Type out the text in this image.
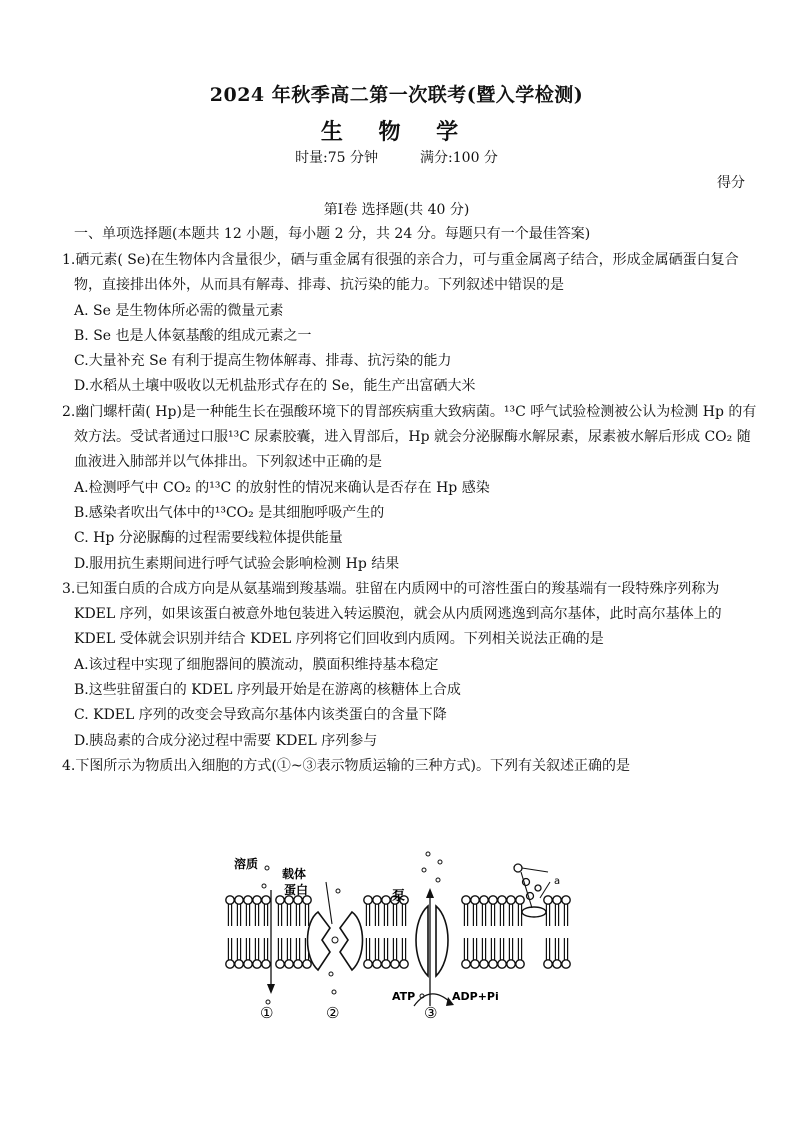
2024 年秋季高二第一次联考(暨入学检测)
生 物 学
时量:75 分钟	满分:100 分
得分
第Ⅰ卷 选择题(共 40 分)
一、单项选择题(本题共 12 小题，每小题 2 分，共 24 分。每题只有一个最佳答案)
1.硒元素( Se)在生物体内含量很少，硒与重金属有很强的亲合力，可与重金属离子结合，形成金属硒蛋白复合物，直接排出体外，从而具有解毒、排毒、抗污染的能力。下列叙述中错误的是
A. Se 是生物体所必需的微量元素
B. Se 也是人体氨基酸的组成元素之一
C.大量补充 Se 有利于提高生物体解毒、排毒、抗污染的能力
D.水稻从土壤中吸收以无机盐形式存在的 Se，能生产出富硒大米
2.幽门螺杆菌( Hp)是一种能生长在强酸环境下的胃部疾病重大致病菌。¹³C 呼气试验检测被公认为检测 Hp 的有效方法。受试者通过口服¹³C 尿素胶囊，进入胃部后，Hp 就会分泌脲酶水解尿素，尿素被水解后形成 CO₂ 随血液进入肺部并以气体排出。下列叙述中正确的是
A.检测呼气中 CO₂ 的¹³C 的放射性的情况来确认是否存在 Hp 感染
B.感染者吹出气体中的¹³CO₂ 是其细胞呼吸产生的
C. Hp 分泌脲酶的过程需要线粒体提供能量
D.服用抗生素期间进行呼气试验会影响检测 Hp 结果
3.已知蛋白质的合成方向是从氨基端到羧基端。驻留在内质网中的可溶性蛋白的羧基端有一段特殊序列称为 KDEL 序列，如果该蛋白被意外地包装进入转运膜泡，就会从内质网逃逸到高尔基体，此时高尔基体上的 KDEL 受体就会识别并结合 KDEL 序列将它们回收到内质网。下列相关说法正确的是
A.该过程中实现了细胞器间的膜流动，膜面积维持基本稳定
B.这些驻留蛋白的 KDEL 序列最开始是在游离的核糖体上合成
C. KDEL 序列的改变会导致高尔基体内该类蛋白的含量下降
D.胰岛素的合成分泌过程中需要 KDEL 序列参与
4.下图所示为物质出入细胞的方式(①~③表示物质运输的三种方式)。下列有关叙述正确的是
溶质
载体
蛋白	泵
a
ATP	ADP+Pi
①	②	③
